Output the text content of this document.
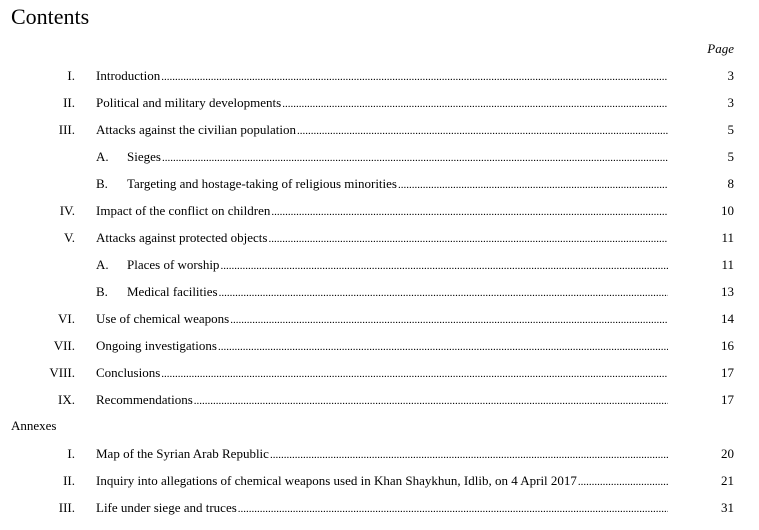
Contents
Page
I. Introduction .....	3
II. Political and military developments .....	3
III. Attacks against the civilian population .....	5
A. Sieges .....	5
B. Targeting and hostage-taking of religious minorities .....	8
IV. Impact of the conflict on children .....	10
V. Attacks against protected objects .....	11
A. Places of worship .....	11
B. Medical facilities .....	13
VI. Use of chemical weapons .....	14
VII. Ongoing investigations .....	16
VIII. Conclusions .....	17
IX. Recommendations .....	17
Annexes
I. Map of the Syrian Arab Republic .....	20
II. Inquiry into allegations of chemical weapons used in Khan Shaykhun, Idlib, on 4 April 2017 .....	21
III. Life under siege and truces .....	31
